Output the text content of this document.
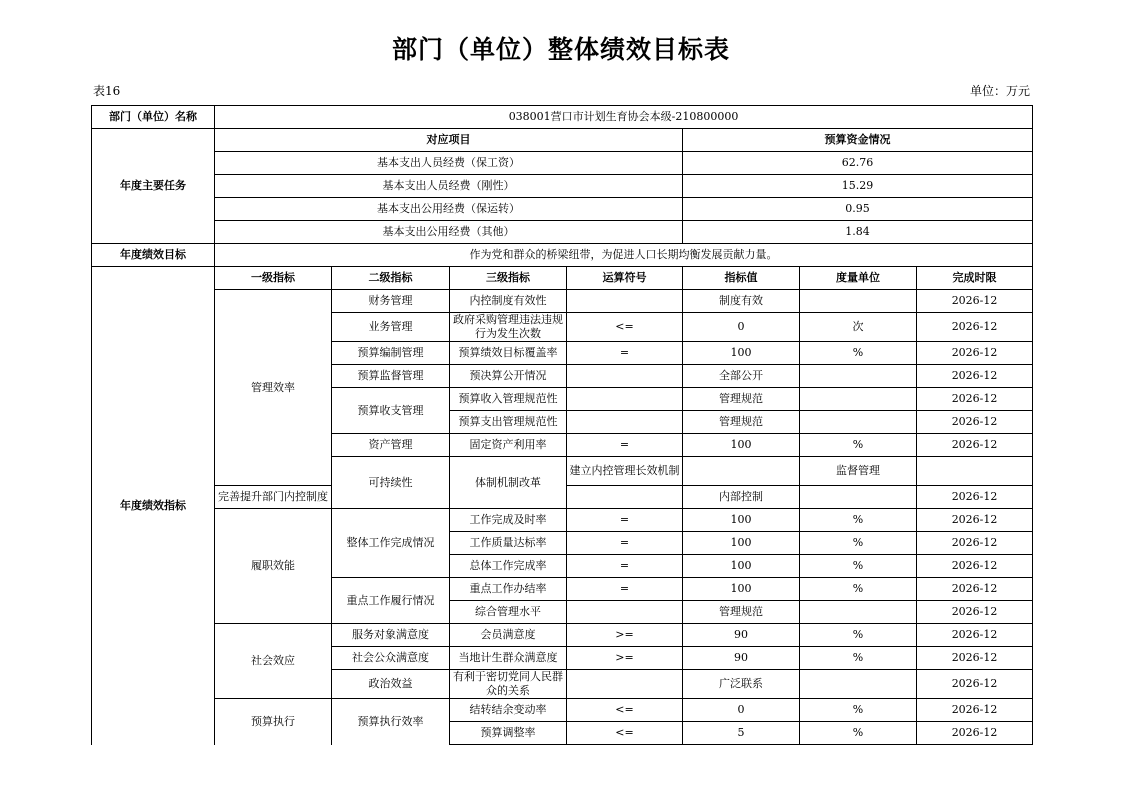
部门（单位）整体绩效目标表
表16	单位：万元
部门（单位）名称	038001营口市计划生育协会本级-210800000							
年度主要任务	对应项目				预算资金情况			
	基本支出人员经费（保工资）				62.76			
	基本支出人员经费（刚性）				15.29			
	基本支出公用经费（保运转）				0.95			
	基本支出公用经费（其他）				1.84			
年度绩效目标	作为党和群众的桥梁纽带，为促进人口长期均衡发展贡献力量。							
年度绩效指标	一级指标	二级指标	三级指标	运算符号	指标值	度量单位	完成时限	
	管理效率	财务管理	内控制度有效性		制度有效		2026-12	
		业务管理	政府采购管理违法违规行为发生次数	<=	0	次	2026-12	
		预算编制管理	预算绩效目标覆盖率	=	100	%	2026-12	
		预算监督管理	预决算公开情况		全部公开		2026-12	
		预算收支管理	预算收入管理规范性		管理规范		2026-12	
			预算支出管理规范性		管理规范		2026-12	
		资产管理	固定资产利用率	=	100	%	2026-12	
		可持续性	体制机制改革	建立内控管理长效机制		监督管理		
	完善提升部门内控制度				内部控制		2026-12	
	履职效能	整体工作完成情况	工作完成及时率	=	100	%	2026-12	
			工作质量达标率	=	100	%	2026-12	
			总体工作完成率	=	100	%	2026-12	
		重点工作履行情况	重点工作办结率	=	100	%	2026-12	
			综合管理水平		管理规范		2026-12	
	社会效应	服务对象满意度	会员满意度	>=	90	%	2026-12	
		社会公众满意度	当地计生群众满意度	>=	90	%	2026-12	
		政治效益	有利于密切党同人民群众的关系		广泛联系		2026-12	
	预算执行	预算执行效率	结转结余变动率	<=	0	%	2026-12	
			预算调整率	<=	5	%	2026-12	
